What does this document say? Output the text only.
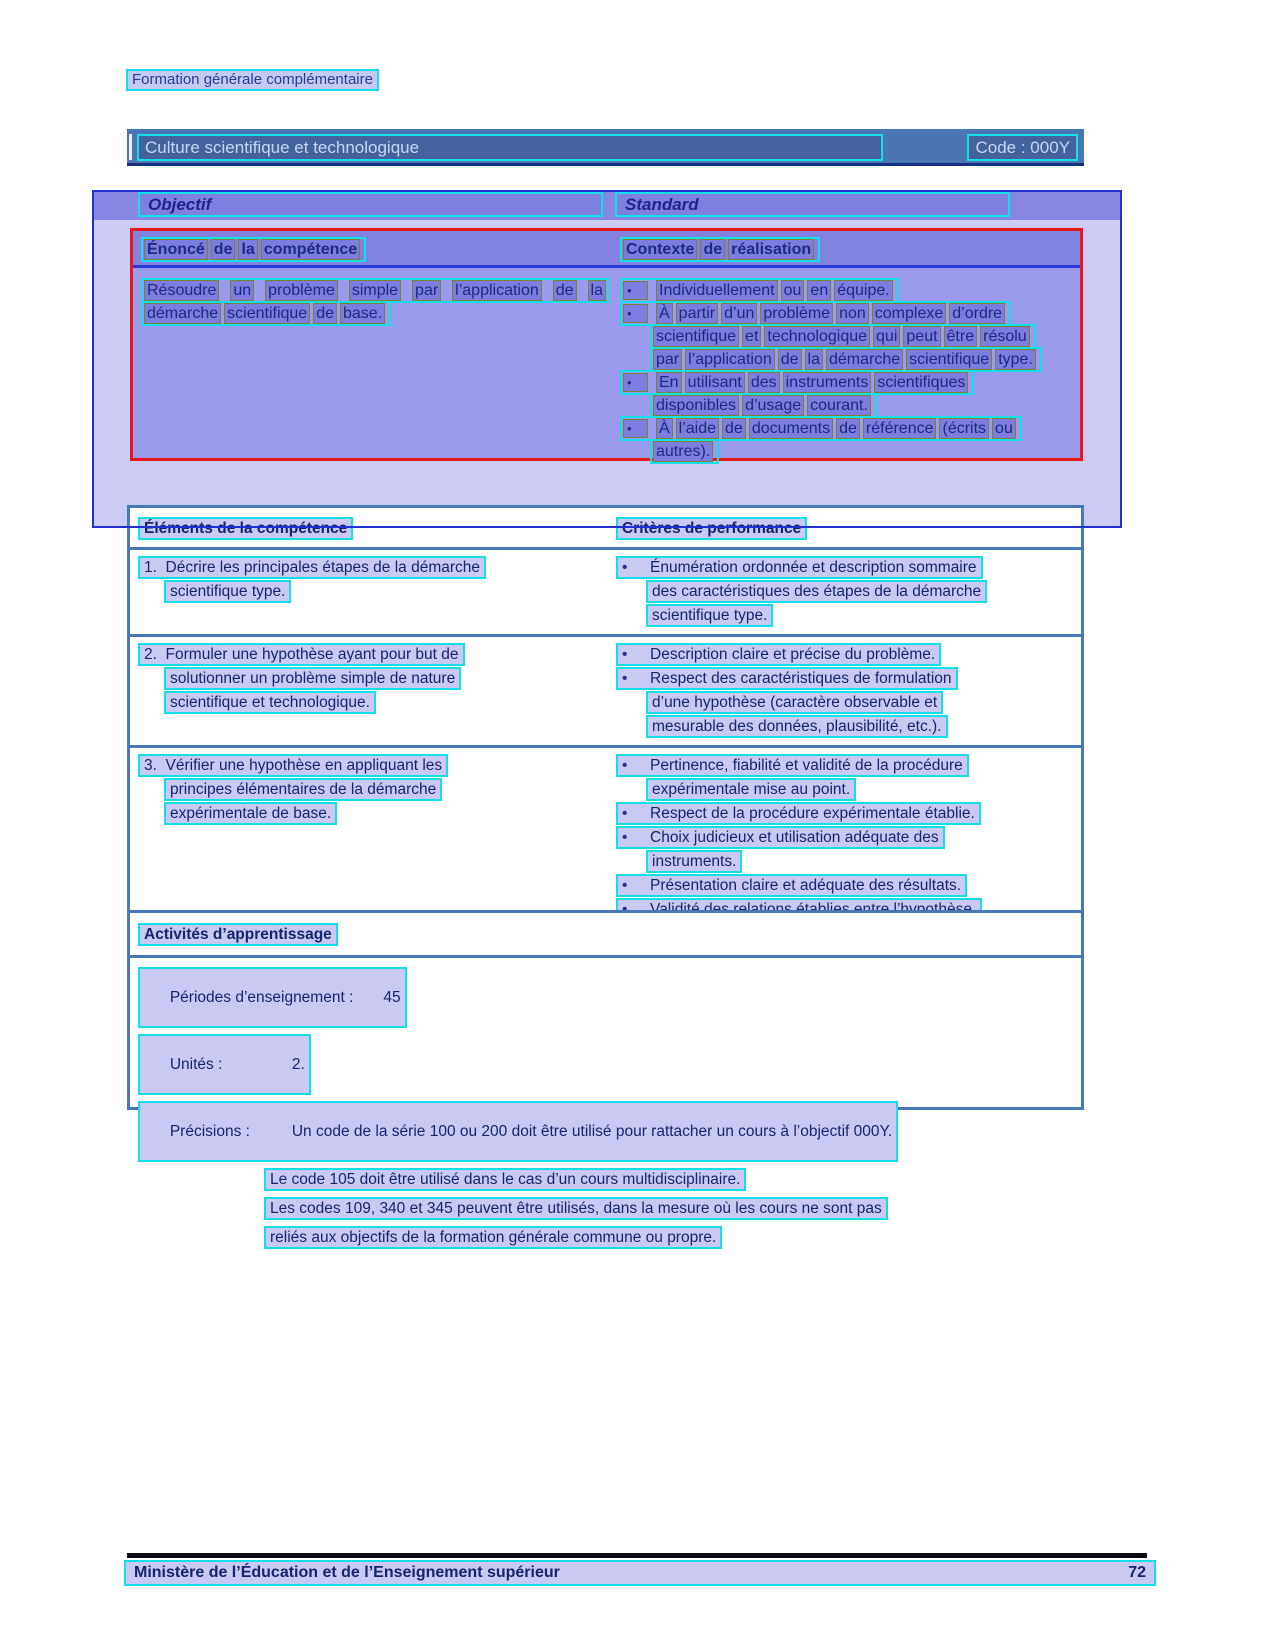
Formation générale complémentaire
Culture scientifique et technologique	Code : 000Y
Objectif	Standard
Énoncé de la compétence	Contexte de réalisation
Résoudre un problème simple par l’application de la
démarche scientifique de base.
•	Individuellement ou en équipe.
•	À partir d’un problème non complexe d’ordre
scientifique et technologique qui peut être résolu
par l’application de la démarche scientifique type.
•	En utilisant des instruments scientifiques
disponibles d’usage courant.
•	À l’aide de documents de référence (écrits ou
autres).
Éléments de la compétence	Critères de performance
1.  Décrire les principales étapes de la démarche
scientifique type.
• Énumération ordonnée et description sommaire
des caractéristiques des étapes de la démarche
scientifique type.
2.  Formuler une hypothèse ayant pour but de
solutionner un problème simple de nature
scientifique et technologique.
• Description claire et précise du problème.
• Respect des caractéristiques de formulation
d’une hypothèse (caractère observable et
mesurable des données, plausibilité, etc.).
3.  Vérifier une hypothèse en appliquant les
principes élémentaires de la démarche
expérimentale de base.
• Pertinence, fiabilité et validité de la procédure
expérimentale mise au point.
• Respect de la procédure expérimentale établie.
• Choix judicieux et utilisation adéquate des
instruments.
• Présentation claire et adéquate des résultats.
Activités d’apprentissage

Périodes d’enseignement : 45

Unités :	2.

Précisions :	Un code de la série 100 ou 200 doit être utilisé pour rattacher un cours à l’objectif 000Y.

Le code 105 doit être utilisé dans le cas d’un cours multidisciplinaire.
Les codes 109, 340 et 345 peuvent être utilisés, dans la mesure où les cours ne sont pas
reliés aux objectifs de la formation générale commune ou propre.
Ministère de l’Éducation et de l’Enseignement supérieur	72
